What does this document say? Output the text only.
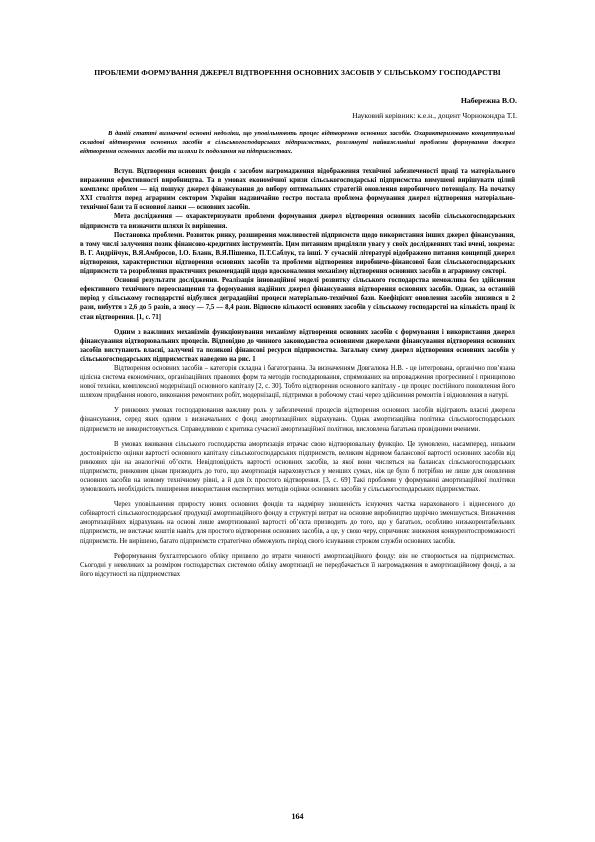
ПРОБЛЕМИ ФОРМУВАННЯ ДЖЕРЕЛ ВІДТВОРЕННЯ ОСНОВНИХ ЗАСОБІВ У СІЛЬСЬКОМУ ГОСПОДАРСТВІ
Набережна В.О.
Науковий керівник: к.е.н., доцент Чорнокондра Т.І.
В даній статті визначені основні недоліки, що уповільнюють процес відтворення основних засобів. Охарактеризовано концептуальні складові відтворення основних засобів в сільськогосподарських підприємствах, розглянуті найважливіші проблеми формування джерел відтворення основних засобів та шляхи їх подолання на підприємствах.

Вступ. Відтворення основних фондів є засобом нагромадження відображення технічної забезпеченості праці та матеріального виражения ефективності виробництва. Та в умовах економічної кризи сільськогосподарські підприємства вимушені вирішувати цілий комплекс проблем — від пошуку джерел фінансування до вибору оптимальних стратегій оновлення виробничого потенціалу. На початку ХХІ століття перед аграрним сектором України надзвичайно гостро постала проблема формування джерел відтворення матеріально-технічної бази та її основної ланки — основних засобів.

Мета дослідження — охарактеризувати проблеми формування джерел відтворення основних засобів сільськогосподарських підприємств та визначити шляхи їх вирішення.

Постановка проблеми. Розвиток ринку, розширення можливостей підприємств щодо використання інших джерел фінансування, в тому числі залучення позик фінансово-кредитних інструментів. Цим питанням приділяли увагу у своїх дослідженнях такі вчені, зокрема: В. Г. Андрійчук, В.Я.Амбросов, І.О. Бланк, В.Я.Пішенко, П.Т.Саблук, та інші. У сучасній літературі відображено питання концепції джерел відтворення, характеристики відтворення основних засобів та проблеми відтворення виробничо-фінансової бази сільськогосподарських підприємств та розроблення практичних рекомендацій щодо вдосконалення механізму відтворення основних засобів в аграрному секторі.

Основні результати дослідження. Реалізація інноваційної моделі розвитку сільського господарства неможлива без здійснення ефективного технічного переоснащення та формування надійних джерел фінансування відтворення основних засобів. Однак, за останній період у сільському господарстві відбулися деградаційні процеси матеріально-технічної бази. Коефіцієнт оновлення засобів знизився в 2 рази, вибуття з 2,6 до 5 разів, а зносу — 7,5 — 8,4 рази. Відносно кількості основних засобів у сільському господарстві на кількість праці їх стан відтворення. [1, с. 71]

Одним з важливих механізмів функціонування механізму відтворення основних засобів є формування і використання джерел фінансування відтворювальних процесів. Відповідно до чинного законодавства основними джерелами фінансування відтворення основних засобів виступають власні, залучені та позикові фінансові ресурси підприємства. Загальну схему джерел відтворення основних засобів у сільськогосподарських підприємствах наведено на рис. 1

Відтворення основних засобів – категорія складна і багатогранна. За визначенням Довгалюка Н.В. - це інтегрована, органічно пов’язана цілісна система економічних, організаційних правових форм та методів господарювання, спрямованих на впровадження прогресивної і принципово нової техніки, комплексної модернізації основного капіталу [2, с. 30]. Тобто відтворення основного капіталу - це процес постійного поновлення його шляхом придбання нового, виконання ремонтних робіт, модернізації, підтримки в робочому стані через здійснення ремонтів і відновлення в натурі.

У ринкових умовах господарювання важливу роль у забезпеченні процесів відтворення основних засобів відіграють власні джерела фінансування, серед яких одним з визначальних є фонд амортизаційних відрахувань. Однак амортизаційна політика сільськогосподарських підприємств не використовується. Справедливою є критика сучасної амортизаційної політики, висловлена багатьма провідними вченими.

В умовах вживання сільського господарства амортизація втрачає свою відтворювальну функцію. Це зумовлено, насамперед, низьким достовірністю оцінки вартості основного капіталу сільськогосподарських підприємств, великим відривом балансової вартості основних засобів від ринкових цін на аналогічні об’єкти. Невідповідність вартості основних засобів, за якої вони числяться на балансах сільськогосподарських підприємств, ринковим цінам призводить до того, що амортизація нараховується у менших сумах, ніж це було б потрібно не лише для оновлення основних засобів на новому технічному рівні, а й для їх простого відтворення. [3, с. 69] Такі проблеми у формуванні амортизаційної політики зумовлюють необхідність поширення використання експертних методів оцінки основних засобів у сільськогосподарських підприємствах.

Через уповільнення приросту нових основних фондів та надмірну зношеність існуючих частка нарахованого і віднесеного до собівартості сільськогосподарської продукції амортизаційного фонду в структурі витрат на основне виробництво щорічно зменшується. Визначення амортизаційних відрахувань на основі лише амортизованої вартості об’єкта призводить до того, що у багатьох, особливо низькорентабельних підприємств, не вистачає коштів навіть для простого відтворення основних засобів, а це, у свою черу, спричиняє зниження конкурентоспроможності підприємств. Не вирішено, багато підприємств стратегічно обмежують період свого існування строком служби основних засобів.

Реформування бухгалтерського обліку призвело до втрати чинності амортизаційного фонду: він не створюється на підприємствах. Сьогодні у невеликих за розміром господарствах системою обліку амортизації не передбачається її нагромадження в амортизаційному фонді, а за його відсутності на підприємствах

164
